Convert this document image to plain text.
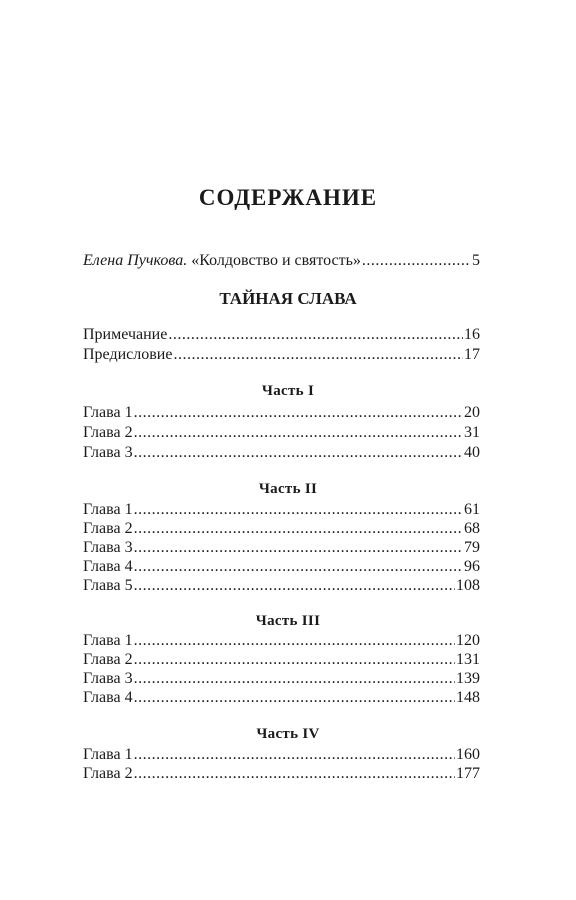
СОДЕРЖАНИЕ
Елена Пучкова. «Колдовство и святость» .....	5
ТАЙНАЯ СЛАВА
Примечание .....	16
Предисловие .....	17
Часть I
Глава 1 .....	20
Глава 2 .....	31
Глава 3 .....	40
Часть II
Глава 1 .....	61
Глава 2 .....	68
Глава 3 .....	79
Глава 4 .....	96
Глава 5 .....	108
Часть III
Глава 1 .....	120
Глава 2 .....	131
Глава 3 .....	139
Глава 4 .....	148
Часть IV
Глава 1 .....	160
Глава 2 .....	177
